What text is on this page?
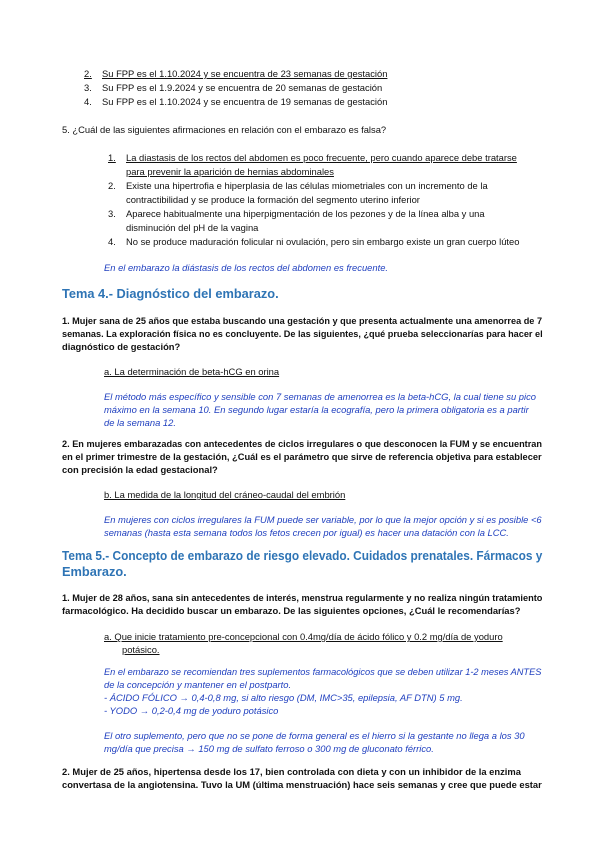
2. Su FPP es el 1.10.2024 y se encuentra de 23 semanas de gestación
3. Su FPP es el 1.9.2024 y se encuentra de 20 semanas de gestación
4. Su FPP es el 1.10.2024 y se encuentra de 19 semanas de gestación
5. ¿Cuál de las siguientes afirmaciones en relación con el embarazo es falsa?
1. La diastasis de los rectos del abdomen es poco frecuente, pero cuando aparece debe tratarse
para prevenir la aparición de hernias abdominales
2. Existe una hipertrofia e hiperplasia de las células miometriales con un incremento de la
contractibilidad y se produce la formación del segmento uterino inferior
3. Aparece habitualmente una hiperpigmentación de los pezones y de la línea alba y una
disminución del pH de la vagina
4. No se produce maduración folicular ni ovulación, pero sin embargo existe un gran cuerpo lúteo
En el embarazo la diástasis de los rectos del abdomen es frecuente.
Tema 4.- Diagnóstico del embarazo.
1. Mujer sana de 25 años que estaba buscando una gestación y que presenta actualmente una amenorrea de 7
semanas. La exploración física no es concluyente. De las siguientes, ¿qué prueba seleccionarías para hacer el
diagnóstico de gestación?
a. La determinación de beta-hCG en orina
El método más específico y sensible con 7 semanas de amenorrea es la beta-hCG, la cual tiene su pico
máximo en la semana 10. En segundo lugar estaría la ecografía, pero la primera obligatoria es a partir
de la semana 12.
2. En mujeres embarazadas con antecedentes de ciclos irregulares o que desconocen la FUM y se encuentran
en el primer trimestre de la gestación, ¿Cuál es el parámetro que sirve de referencia objetiva para establecer
con precisión la edad gestacional?
b. La medida de la longitud del cráneo-caudal del embrión
En mujeres con ciclos irregulares la FUM puede ser variable, por lo que la mejor opción y si es posible <6
semanas (hasta esta semana todos los fetos crecen por igual) es hacer una datación con la LCC.
Tema 5.- Concepto de embarazo de riesgo elevado. Cuidados prenatales. Fármacos y
Embarazo.
1. Mujer de 28 años, sana sin antecedentes de interés, menstrua regularmente y no realiza ningún tratamiento
farmacológico. Ha decidido buscar un embarazo. De las siguientes opciones, ¿Cuál le recomendarías?
a. Que inicie tratamiento pre-concepcional con 0.4mg/día de ácido fólico y 0.2 mg/día de yoduro
potásico.
En el embarazo se recomiendan tres suplementos farmacológicos que se deben utilizar 1-2 meses ANTES
de la concepción y mantener en el postparto.
- ÁCIDO FÓLICO → 0,4-0,8 mg, si alto riesgo (DM, IMC>35, epilepsia, AF DTN) 5 mg.
- YODO → 0,2-0,4 mg de yoduro potásico
El otro suplemento, pero que no se pone de forma general es el hierro si la gestante no llega a los 30
mg/día que precisa → 150 mg de sulfato ferroso o 300 mg de gluconato férrico.
2. Mujer de 25 años, hipertensa desde los 17, bien controlada con dieta y con un inhibidor de la enzima
convertasa de la angiotensina. Tuvo la UM (última menstruación) hace seis semanas y cree que puede estar
